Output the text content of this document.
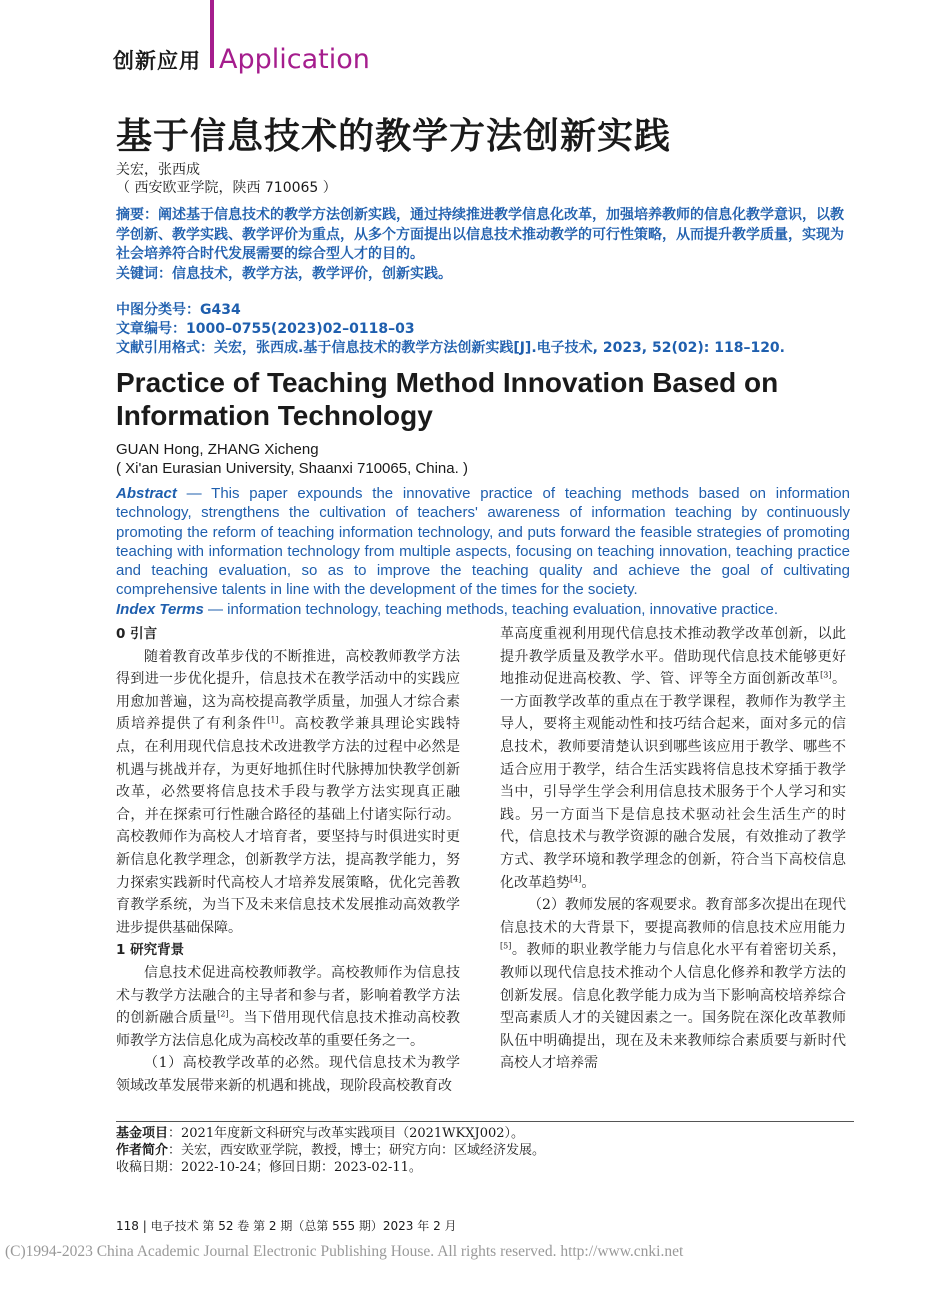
创新应用 Application
基于信息技术的教学方法创新实践
关宏，张西成
（ 西安欧亚学院，陕西 710065 ）
摘要：阐述基于信息技术的教学方法创新实践，通过持续推进教学信息化改革，加强培养教师的信息化教学意识，以教学创新、教学实践、教学评价为重点，从多个方面提出以信息技术推动教学的可行性策略，从而提升教学质量，实现为社会培养符合时代发展需要的综合型人才的目的。
关键词：信息技术，教学方法，教学评价，创新实践。
中图分类号：G434
文章编号：1000–0755(2023)02–0118–03
文献引用格式：关宏，张西成.基于信息技术的教学方法创新实践[J].电子技术, 2023, 52(02): 118–120.
Practice of Teaching Method Innovation Based on Information Technology
GUAN Hong, ZHANG Xicheng
( Xi'an Eurasian University, Shaanxi 710065, China. )
Abstract — This paper expounds the innovative practice of teaching methods based on information technology, strengthens the cultivation of teachers' awareness of information teaching by continuously promoting the reform of teaching information technology, and puts forward the feasible strategies of promoting teaching with information technology from multiple aspects, focusing on teaching innovation, teaching practice and teaching evaluation, so as to improve the teaching quality and achieve the goal of cultivating comprehensive talents in line with the development of the times for the society.
Index Terms — information technology, teaching methods, teaching evaluation, innovative practice.
0 引言

随着教育改革步伐的不断推进，高校教师教学方法得到进一步优化提升，信息技术在教学活动中的实践应用愈加普遍，这为高校提高教学质量，加强人才综合素质培养提供了有利条件[1]。高校教学兼具理论实践特点，在利用现代信息技术改进教学方法的过程中必然是机遇与挑战并存，为更好地抓住时代脉搏加快教学创新改革，必然要将信息技术手段与教学方法实现真正融合，并在探索可行性融合路径的基础上付诸实际行动。高校教师作为高校人才培育者，要坚持与时俱进实时更新信息化教学理念，创新教学方法，提高教学能力，努力探索实践新时代高校人才培养发展策略，优化完善教育教学系统，为当下及未来信息技术发展推动高效教学进步提供基础保障。

1 研究背景

信息技术促进高校教师教学。高校教师作为信息技术与教学方法融合的主导者和参与者，影响着教学方法的创新融合质量[2]。当下借用现代信息技术推动高校教师教学方法信息化成为高校改革的重要任务之一。

（1）高校教学改革的必然。现代信息技术为教学领域改革发展带来新的机遇和挑战，现阶段高校教育改

革高度重视利用现代信息技术推动教学改革创新，以此提升教学质量及教学水平。借助现代信息技术能够更好地推动促进高校教、学、管、评等全方面创新改革[3]。一方面教学改革的重点在于教学课程，教师作为教学主导人，要将主观能动性和技巧结合起来，面对多元的信息技术，教师要清楚认识到哪些该应用于教学、哪些不适合应用于教学，结合生活实践将信息技术穿插于教学当中，引导学生学会利用信息技术服务于个人学习和实践。另一方面当下是信息技术驱动社会生活生产的时代，信息技术与教学资源的融合发展，有效推动了教学方式、教学环境和教学理念的创新，符合当下高校信息化改革趋势[4]。

（2）教师发展的客观要求。教育部多次提出在现代信息技术的大背景下，要提高教师的信息技术应用能力[5]。教师的职业教学能力与信息化水平有着密切关系，教师以现代信息技术推动个人信息化修养和教学方法的创新发展。信息化教学能力成为当下影响高校培养综合型高素质人才的关键因素之一。国务院在深化改革教师队伍中明确提出，现在及未来教师综合素质要与新时代高校人才培养需

基金项目：2021年度新文科研究与改革实践项目（2021WKXJ002）。
作者简介：关宏，西安欧亚学院，教授，博士；研究方向：区域经济发展。
收稿日期：2022-10-24；修回日期：2023-02-11。
118 | 电子技术 第 52 卷 第 2 期（总第 555 期）2023 年 2 月
(C)1994-2023 China Academic Journal Electronic Publishing House. All rights reserved. http://www.cnki.net
